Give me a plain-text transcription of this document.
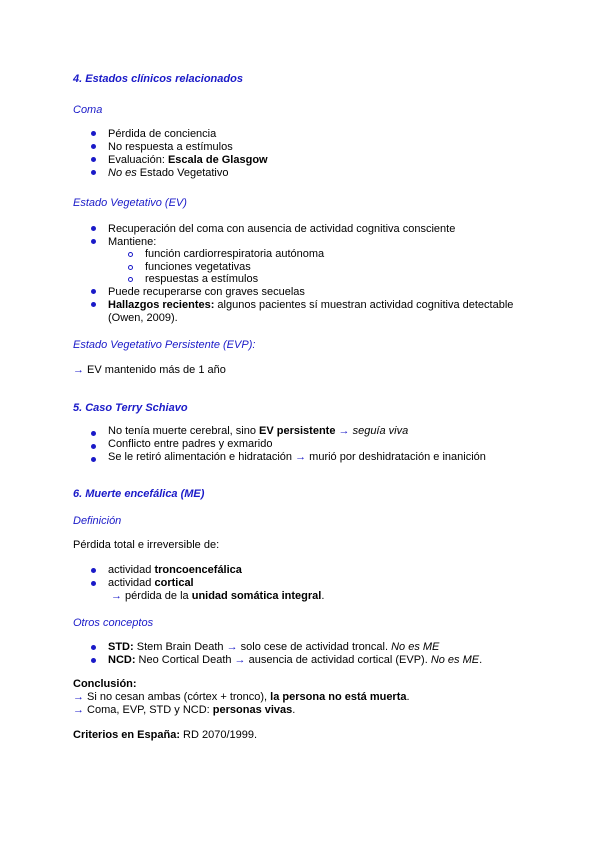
4. Estados clínicos relacionados
Coma
Pérdida de conciencia
No respuesta a estímulos
Evaluación: Escala de Glasgow
No es Estado Vegetativo
Estado Vegetativo (EV)
Recuperación del coma con ausencia de actividad cognitiva consciente
Mantiene:
función cardiorrespiratoria autónoma
funciones vegetativas
respuestas a estímulos
Puede recuperarse con graves secuelas
Hallazgos recientes: algunos pacientes sí muestran actividad cognitiva detectable
(Owen, 2009).
Estado Vegetativo Persistente (EVP):
→ EV mantenido más de 1 año
5. Caso Terry Schiavo
No tenía muerte cerebral, sino EV persistente → seguía viva
Conflicto entre padres y exmarido
Se le retiró alimentación e hidratación → murió por deshidratación e inanición
6. Muerte encefálica (ME)
Definición
Pérdida total e irreversible de:
actividad troncoencefálica
actividad cortical
→ pérdida de la unidad somática integral.
Otros conceptos
STD: Stem Brain Death → solo cese de actividad troncal. No es ME
NCD: Neo Cortical Death → ausencia de actividad cortical (EVP). No es ME.
Conclusión:
→ Si no cesan ambas (córtex + tronco), la persona no está muerta.
→ Coma, EVP, STD y NCD: personas vivas.
Criterios en España: RD 2070/1999.
